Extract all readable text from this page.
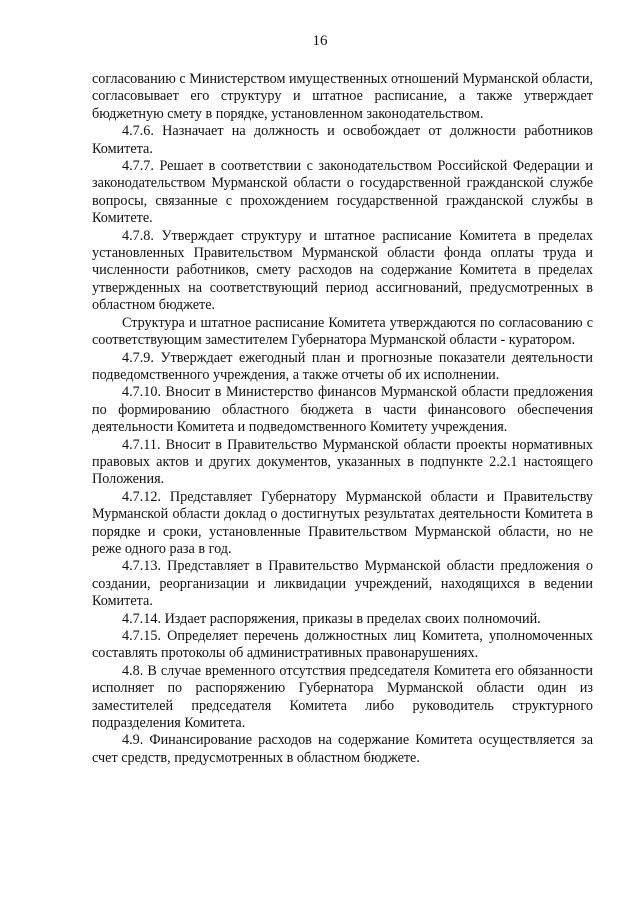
16

согласованию с Министерством имущественных отношений Мурманской области, согласовывает его структуру и штатное расписание, а также утверждает бюджетную смету в порядке, установленном законодательством.

4.7.6. Назначает на должность и освобождает от должности работников Комитета.

4.7.7. Решает в соответствии с законодательством Российской Федерации и законодательством Мурманской области о государственной гражданской службе вопросы, связанные с прохождением государственной гражданской службы в Комитете.

4.7.8. Утверждает структуру и штатное расписание Комитета в пределах установленных Правительством Мурманской области фонда оплаты труда и численности работников, смету расходов на содержание Комитета в пределах утвержденных на соответствующий период ассигнований, предусмотренных в областном бюджете.

Структура и штатное расписание Комитета утверждаются по согласованию с соответствующим заместителем Губернатора Мурманской области - куратором.

4.7.9. Утверждает ежегодный план и прогнозные показатели деятельности подведомственного учреждения, а также отчеты об их исполнении.

4.7.10. Вносит в Министерство финансов Мурманской области предложения по формированию областного бюджета в части финансового обеспечения деятельности Комитета и подведомственного Комитету учреждения.

4.7.11. Вносит в Правительство Мурманской области проекты нормативных правовых актов и других документов, указанных в подпункте 2.2.1 настоящего Положения.

4.7.12. Представляет Губернатору Мурманской области и Правительству Мурманской области доклад о достигнутых результатах деятельности Комитета в порядке и сроки, установленные Правительством Мурманской области, но не реже одного раза в год.

4.7.13. Представляет в Правительство Мурманской области предложения о создании, реорганизации и ликвидации учреждений, находящихся в ведении Комитета.

4.7.14. Издает распоряжения, приказы в пределах своих полномочий.

4.7.15. Определяет перечень должностных лиц Комитета, уполномоченных составлять протоколы об административных правонарушениях.

4.8. В случае временного отсутствия председателя Комитета его обязанности исполняет по распоряжению Губернатора Мурманской области один из заместителей председателя Комитета либо руководитель структурного подразделения Комитета.

4.9. Финансирование расходов на содержание Комитета осуществляется за счет средств, предусмотренных в областном бюджете.
